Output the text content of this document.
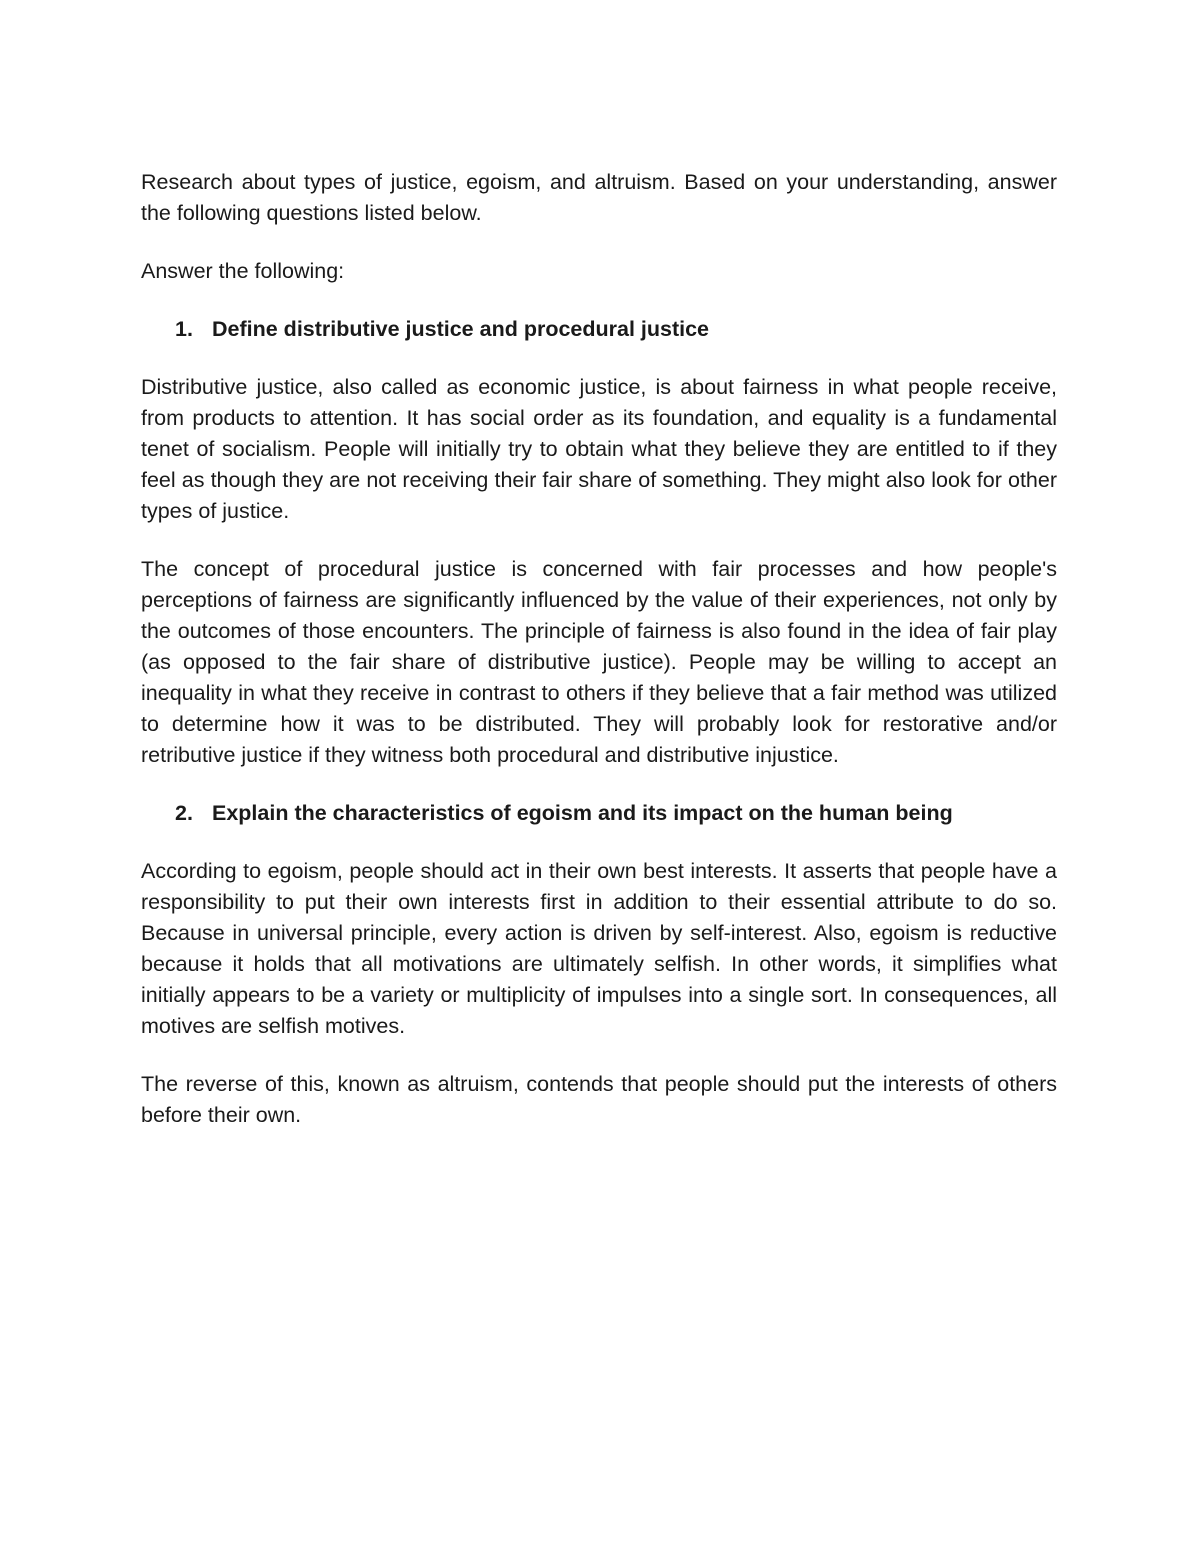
Research about types of justice, egoism, and altruism. Based on your understanding, answer the following questions listed below.

Answer the following:

1. Define distributive justice and procedural justice

Distributive justice, also called as economic justice, is about fairness in what people receive, from products to attention. It has social order as its foundation, and equality is a fundamental tenet of socialism. People will initially try to obtain what they believe they are entitled to if they feel as though they are not receiving their fair share of something. They might also look for other types of justice.

The concept of procedural justice is concerned with fair processes and how people's perceptions of fairness are significantly influenced by the value of their experiences, not only by the outcomes of those encounters. The principle of fairness is also found in the idea of fair play (as opposed to the fair share of distributive justice). People may be willing to accept an inequality in what they receive in contrast to others if they believe that a fair method was utilized to determine how it was to be distributed. They will probably look for restorative and/or retributive justice if they witness both procedural and distributive injustice.

2. Explain the characteristics of egoism and its impact on the human being

According to egoism, people should act in their own best interests. It asserts that people have a responsibility to put their own interests first in addition to their essential attribute to do so. Because in universal principle, every action is driven by self-interest. Also, egoism is reductive because it holds that all motivations are ultimately selfish. In other words, it simplifies what initially appears to be a variety or multiplicity of impulses into a single sort. In consequences, all motives are selfish motives.

The reverse of this, known as altruism, contends that people should put the interests of others before their own.
